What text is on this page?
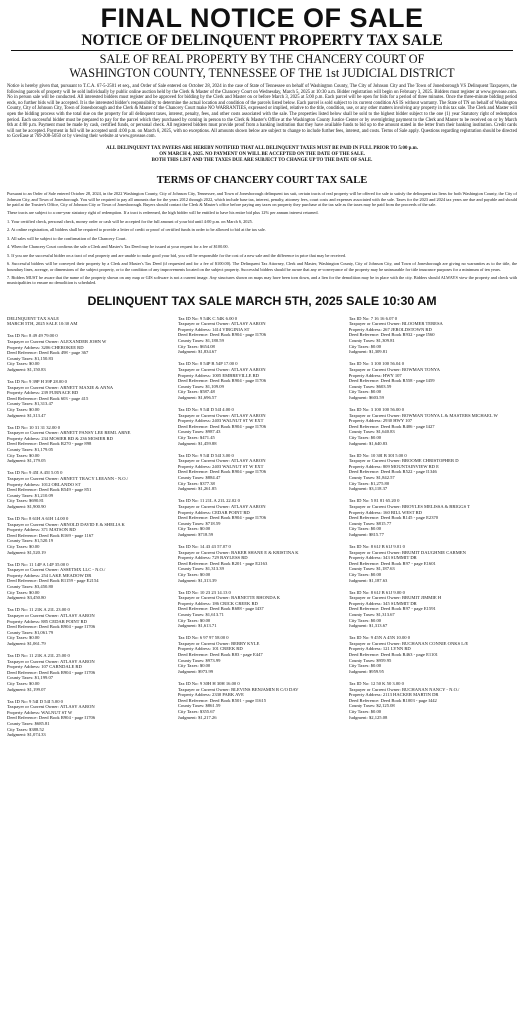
FINAL NOTICE OF SALE
NOTICE OF DELINQUENT PROPERTY TAX SALE
SALE OF REAL PROPERTY BY THE CHANCERY COURT OF
WASHINGTON COUNTY, TENNESSEE OF THE 1st JUDICIAL DISTRICT
Notice is hereby given that, pursuant to T.C.A. 67-5-2501 et seq., and Order of Sale entered on October 28, 2024 in the case of State of Tennessee on behalf of Washington County, The City of Johnson City and The Town of Jonesborough VS Delinquent Taxpayers, the following parcels of property will be sold individually by public online auction held by the Clerk & Master of the Chancery Court on Wednesday, March 5, 2025 at 10:30 a.m. Bidder registration will begin on February 3, 2025. Bidders must register at www.govease.com. No in person sale will be conducted. All interested bidders must register and be approved for bidding by the Clerk and Master on or before March 3, 2025 at 5:00 p.m. Each parcel will be open for bids for a period of three minutes. Once the three-minute bidding period ends, no further bids will be accepted. It is the interested bidder's responsibility to determine the actual location and condition of the parcels listed below. Each parcel is sold subject to its current condition AS IS without warranty. The State of TN on behalf of Washington County, City of Johnson City, Town of Jonesborough and the Clerk & Master of the Chancery Court make NO WARRANTIES, expressed or implied, relative to the title, condition, use, or any other matters involving any property in this tax sale. The Clerk and Master will open the bidding process with the total due on the property for all delinquent taxes, interest, penalty, fees, and other costs associated with the sale. The properties listed below shall be sold to the highest bidder subject to the one (1) year Statutory right of redemption period. Each successful bidder must be prepared to pay for the parcel which they purchased by coming in person to the Clerk & Master's Office at the Washington County Justice Center or by overnighting payment to the Clerk and Master to be received on or by March 6th at 4:00 p.m. Payment must be made by cash, certified funds, or personal check. All registered bidders must provide proof from a banking institution that they have available funds to bid up to the amount stated in the letter from their banking institution. Credit cards will not be accepted. Payment in full will be accepted until 4:00 p.m. on March 6, 2025, with no exceptions. All amounts shown below are subject to change to include further fees, interest, and costs. Terms of Sale apply. Questions regarding registration should be directed to GovEase at 769-208-5050 or by viewing their website at www.govease.com.
ALL DELINQUENT TAX PAYERS ARE HEREBY NOTIFIED THAT ALL DELINQUENT TAXES MUST BE PAID IN FULL PRIOR TO 5:00 p.m.
ON MARCH 4, 2025. NO PAYMENT ON WILL BE ACCEPTED ON THE DATE OF THE SALE.
BOTH THIS LIST AND THE TAXES DUE ARE SUBJECT TO CHANGE UP TO THE DATE OF SALE.
TERMS OF CHANCERY COURT TAX SALE

Pursuant to an Order of Sale entered October 28, 2024, in the 2022 Washington County, City of Johnson City, Tennessee, and Town of Jonesborough delinquent tax suit, certain tracts of real property will be offered for sale to satisfy the delinquent tax liens for both Washington County, the City of Johnson City, and Town of Jonesborough. You will be required to pay all amounts due for the years 2012 through 2022, which include base tax, interest, penalty, attorney fees, court costs and expenses associated with the sale. Taxes for the 2023 and 2024 tax years are due and payable and should be paid at the Trustee's Office, City of Johnson City or Town of Jonesborough. Buyers should contact the Clerk & Master's office before paying any taxes on property they purchase at the tax sale as the taxes may be paid from the proceeds of the sale.

These tracts are subject to a one-year statutory right of redemption. If a tract is redeemed, the high bidder will be entitled to have his entire bid plus 12% per annum interest returned.

1. Your certified check, personal check, money order or cash will be accepted for the full amount of your bid until 4:00 p.m. on March 6, 2025.

2. At online registration, all bidders shall be required to provide a letter of credit or proof of certified funds in order to be allowed to bid at the tax sale.

3. All sales will be subject to the confirmation of the Chancery Court.

4. When the Chancery Court confirms the sale a Clerk and Master's Tax Deed may be issued at your request for a fee of $100.00.

5. If you are the successful bidder on a tract of real property and are unable to make good your bid, you will be responsible for the cost of a new sale and the difference in price that may be received.

6. Successful bidders will be conveyed their property by a Clerk and Master's Tax Deed (if requested and for a fee of $100.00). The Delinquent Tax Attorney, Clerk and Master, Washington County, City of Johnson City, and Town of Jonesborough are giving no warranties as to the title, the boundary lines, acreage, or dimensions of the subject property, or to the condition of any improvements located on the subject property. Successful bidders should be aware that any re-conveyance of the property may be uninsurable for title insurance purposes for a minimum of ten years.

7. Bidders MUST be aware that the name of the property shown on any map or GIS software is not a current image. Any structures shown on maps may have been torn down, and a lien for the demolition may be in place with the city. Bidders should ALWAYS view the property and check with municipalities to ensure no demolition is scheduled.

DELINQUENT TAX SALE MARCH 5TH, 2025 SALE 10:30 AM
DELINQUENT TAX SALE
MARCH 5TH, 2025 SALE 10:30 AM
Tax ID No: 8 49 49 79.00 0
Taxpayer or Current Owner: ALEXANDER JOHN W
Property Address: 3206 CHEROKEE RD
Deed Reference: Deed Book 498 - page 367
County Taxes: $1,150.83
City Taxes: $0.00
Judgment: $1,150.83
Tax ID No: 9 39P H 39P 28.00 0
Taxpayer or Current Owner: ARNETT MAXIE & ANNA
Property Address: 239 FURNACE RD
Deed Reference: Deed Book 603 - page 415
County Taxes: $1,313.47
City Taxes: $0.00
Judgment: $1,313.47
Tax ID No: 10 31 31 32.00 0
Taxpayer or Current Owner: ARNETT PANSY LEE REMI. ARNE
Property Address: 234 MOSIER RD & 236 MOSIER RD
Deed Reference: Deed Book R270 - page 898
County Taxes: $1,179.05
City Taxes: $0.00
Judgment: $1,179.05
Tax ID No: 9 45I A 45I 5.05 0
Taxpayer or Current Owner: ARNETT TRACY LEEANN - N.O./
Property Address: 1012 ORLANDO ST
Deed Reference: Deed Book R549 - page 851
County Taxes: $1,210.09
City Taxes: $690.81
Judgment: $1,900.90
Tax ID No: 8 61H A 61H 14.00 0
Taxpayer or Current Owner: ARNOLD DAVID E & SHELIA K
Property Address: 371 MATSON RD
Deed Reference: Deed Book R169 - page 1167
County Taxes: $1,520.19
City Taxes: $0.00
Judgment: $1,520.19
Tax ID No: 11 14P A 14P 35.00 0
Taxpayer or Current Owner: ASSETMX LLC - N.O./
Property Address: 254 LAKE MEADOW DR
Deed Reference: Deed Book R1159 - page E2154
County Taxes: $3,450.80
City Taxes: $0.00
Judgment: $3,450.80
Tax ID No: 11 21K A 21L 23.00 0
Taxpayer or Current Owner: ATLASY AARON
Property Address: 885 CEDAR POINT RD
Deed Reference: Deed Book R904 - page I1706
County Taxes: $1,061.79
City Taxes: $0.00
Judgment: $1,061.79
Tax ID No: 11 21K A 21L 25.00 0
Taxpayer or Current Owner: ATLASY AARON
Property Address: 107 CARNDALE RD
Deed Reference: Deed Book R904 - page I1706
County Taxes: $1,199.07
City Taxes: $0.00
Judgment: $1,199.07
Tax ID No: 9 54I D 54I 5.00 0
Taxpayer or Current Owner: ATLASY AARON
Property Address: WALNUT ST W
Deed Reference: Deed Book R904 - page I1706
County Taxes: $685.81
City Taxes: $388.52
Judgment: $1,074.33
Tax ID No: 9 54K C 54K 6.00 0
Taxpayer or Current Owner: ATLASY AARON
Property Address: 1414 VIRGINIA ST
Deed Reference: Deed Book R904 - page I1706
County Taxes: $1,180.59
City Taxes: $654.08
Judgment: $1,834.67
Tax ID No: 8 54P B 54P 17.00 0
Taxpayer or Current Owner: ATLASY AARON
Property Address: 1005 EMBREVILLE RD
Deed Reference: Deed Book R904 - page I1706
County Taxes: $1,109.09
City Taxes: $587.48
Judgment: $1,696.57
Tax ID No: 9 54I D 54I 4.00 0
Taxpayer or Current Owner: ATLASY AARON
Property Address: 2403 WALNUT ST W EXT
Deed Reference: Deed Book R904 - page I1706
County Taxes: $987.43
City Taxes: $471.45
Judgment: $1,459.88
Tax ID No: 9 54I D 54I 3.00 0
Taxpayer or Current Owner: ATLASY AARON
Property Address: 2403 WALNUT ST W EXT
Deed Reference: Deed Book R904 - page I1706
County Taxes: $884.47
City Taxes: $377.38
Judgment: $1,261.85
Tax ID No: 11 21L A 21L 22.02 0
Taxpayer or Current Owner: ATLASY AARON
Property Address: CEDAR POINT RD
Deed Reference: Deed Book R904 - page I1706
County Taxes: $718.59
City Taxes: $0.00
Judgment: $718.59
Tax ID No: 14 43 43 57.07 0
Taxpayer or Current Owner: BAKER SHANE E & KRISTINA K
Property Address: 729 BAYLESS RD
Deed Reference: Deed Book R201 - page E2163
County Taxes: $1,313.39
City Taxes: $0.00
Judgment: $1,313.39
Tax ID No: 10 23 23 14.13 0
Taxpayer or Current Owner: BARNETTE RHONDA K
Property Address: 186 CRICK CREEK RD
Deed Reference: Deed Book R688 - page I437
County Taxes: $1,613.71
City Taxes: $0.00
Judgment: $1,613.71
Tax ID No: 6 97 97 58.00 0
Taxpayer or Current Owner: BERRY KYLE
Property Address: 101 CREEK RD
Deed Reference: Deed Book R83 - page E447
County Taxes: $973.99
City Taxes: $0.00
Judgment: $973.99
Tax ID No: 9 30H H 30H 16.00 0
Taxpayer or Current Owner: BLEVINS BENJAMIN R C/O DAV
Property Address: 2330 PARK AVE
Deed Reference: Deed Book R501 - page I1615
County Taxes: $861.59
City Taxes: $355.67
Judgment: $1,217.26
Tax ID No: 7 16 16 6.07 0
Taxpayer or Current Owner: BLOOMER TERESA
Property Address: 267 JEROLDSTOWN RD
Deed Reference: Deed Book R932 - page I560
County Taxes: $1,309.81
City Taxes: $0.00
Judgment: $1,309.81
Tax ID No: 3 100 100 56.04 0
Taxpayer or Current Owner: BOWMAN TONYA
Property Address: HWY 107
Deed Reference: Deed Book R558 - page I459
County Taxes: $603.59
City Taxes: $0.00
Judgment: $603.59
Tax ID No: 3 100 100 56.00 0
Taxpayer or Current Owner: BOWMAN TONYA L & MASTERS MICHAEL W
Property Address: 2930 HWY 107
Deed Reference: Deed Book R406 - page I427
County Taxes: $1,640.83
City Taxes: $0.00
Judgment: $1,640.83
Tax ID No: 10 30I B 30I 5.00 0
Taxpayer or Current Owner: BROOME CHRISTOPHER D
Property Address: 809 MOUNTAINVIEW RD E
Deed Reference: Deed Book R522 - page I1346
County Taxes: $1,842.57
City Taxes: $1,275.80
Judgment: $3,118.37
Tax ID No: 5 81 81 65.20 0
Taxpayer or Current Owner: BROYLES MELISSA & BRIGGS T
Property Address: 160 BILL WEST RD
Deed Reference: Deed Book R145 - page E2370
County Taxes: $815.77
City Taxes: $0.00
Judgment: $815.77
Tax ID No: 8 61J B 61J 9.01 0
Taxpayer or Current Owner: BRUMIT DAUGHNIE CARMEN
Property Address: 343 SUMMIT DR
Deed Reference: Deed Book R97 - page E1601
County Taxes: $1,187.63
City Taxes: $0.00
Judgment: $1,187.63
Tax ID No: 8 61J B 61J 9.00 0
Taxpayer or Current Owner: BRUMIT JIMMIE H
Property Address: 345 SUMMIT DR
Deed Reference: Deed Book R97 - page E1591
County Taxes: $1,313.67
City Taxes: $0.00
Judgment: $1,313.67
Tax ID No: 9 45N A 45N 10.00 0
Taxpayer or Current Owner: BUCHANAN CONNIE ONKS L/E
Property Address: 121 LYNN RD
Deed Reference: Deed Book R463 - page E1101
County Taxes: $959.95
City Taxes: $0.00
Judgment: $959.95
Tax ID No: 12 50 K 50 3.00 0
Taxpayer or Current Owner: BUCHANAN NANCY - N.O./
Property Address: 2113 HACKER MARTIN DR
Deed Reference: Deed Book R1003 - page I442
County Taxes: $2,125.08
City Taxes: $0.00
Judgment: $2,125.08
